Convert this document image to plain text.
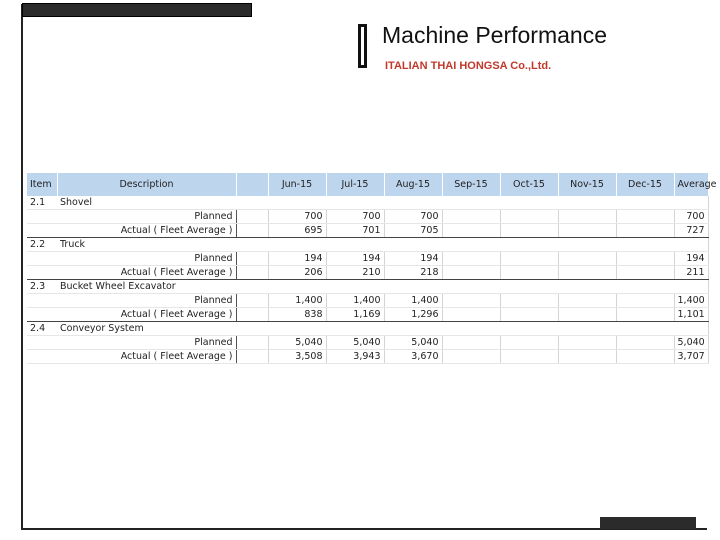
Machine Performance
ITALIAN THAI HONGSA Co.,Ltd.
Item	Description		Jun-15	Jul-15	Aug-15	Sep-15	Oct-15	Nov-15	Dec-15	Average
2.1	Shovel									
	Planned		700	700	700					700
	Actual ( Fleet Average )		695	701	705					727
2.2	Truck									
	Planned		194	194	194					194
	Actual ( Fleet Average )		206	210	218					211
2.3	Bucket Wheel Excavator									
	Planned		1,400	1,400	1,400					1,400
	Actual ( Fleet Average )		838	1,169	1,296					1,101
2.4	Conveyor System									
	Planned		5,040	5,040	5,040					5,040
	Actual ( Fleet Average )		3,508	3,943	3,670					3,707
